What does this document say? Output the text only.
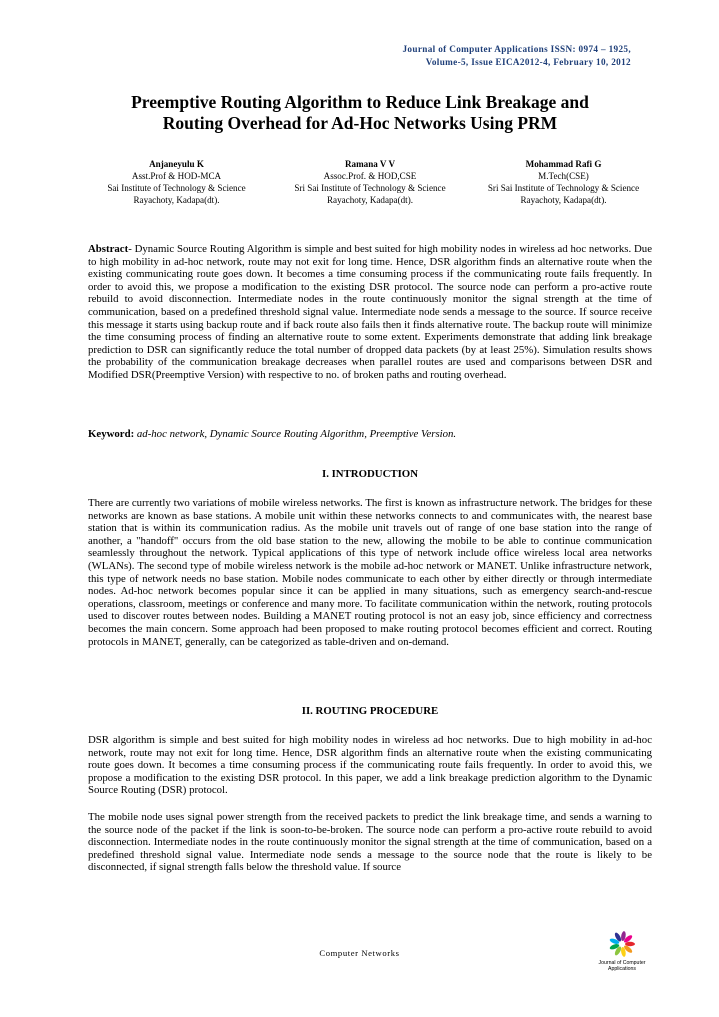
Journal of Computer Applications ISSN: 0974 – 1925,
Volume-5, Issue EICA2012-4, February 10, 2012
Preemptive Routing Algorithm to Reduce Link Breakage and
Routing Overhead for Ad-Hoc Networks Using PRM
Anjaneyulu K
Asst.Prof & HOD-MCA
Sai Institute of Technology & Science
Rayachoty, Kadapa(dt).
Ramana V V
Assoc.Prof. & HOD,CSE
Sri Sai Institute of Technology & Science
Rayachoty, Kadapa(dt).
Mohammad Rafi G
M.Tech(CSE)
Sri Sai Institute of Technology & Science
Rayachoty, Kadapa(dt).

Abstract- Dynamic Source Routing Algorithm is simple and best suited for high mobility nodes in wireless ad hoc networks. Due to high mobility in ad-hoc network, route may not exit for long time. Hence, DSR algorithm finds an alternative route when the existing communicating route goes down. It becomes a time consuming process if the communicating route fails frequently. In order to avoid this, we propose a modification to the existing DSR protocol. The source node can perform a pro-active route rebuild to avoid disconnection. Intermediate nodes in the route continuously monitor the signal strength at the time of communication, based on a predefined threshold signal value. Intermediate node sends a message to the source. If source receive this message it starts using backup route and if back route also fails then it finds alternative route. The backup route will minimize the time consuming process of finding an alternative route to some extent. Experiments demonstrate that adding link breakage prediction to DSR can significantly reduce the total number of dropped data packets (by at least 25%). Simulation results shows the probability of the communication breakage decreases when parallel routes are used and comparisons between DSR and Modified DSR(Preemptive Version) with respective to no. of broken paths and routing overhead.

Keyword: ad-hoc network, Dynamic Source Routing Algorithm, Preemptive Version.

I. INTRODUCTION

There are currently two variations of mobile wireless networks. The first is known as infrastructure network. The bridges for these networks are known as base stations. A mobile unit within these networks connects to and communicates with, the nearest base station that is within its communication radius. As the mobile unit travels out of range of one base station into the range of another, a "handoff" occurs from the old base station to the new, allowing the mobile to be able to continue communication seamlessly throughout the network. Typical applications of this type of network include office wireless local area networks (WLANs). The second type of mobile wireless network is the mobile ad-hoc network or MANET. Unlike infrastructure network, this type of network needs no base station. Mobile nodes communicate to each other by either directly or through intermediate nodes. Ad-hoc network becomes popular since it can be applied in many situations, such as emergency search-and-rescue operations, classroom, meetings or conference and many more. To facilitate communication within the network, routing protocols used to discover routes between nodes. Building a MANET routing protocol is not an easy job, since efficiency and correctness becomes the main concern. Some approach had been proposed to make routing protocol becomes efficient and correct. Routing protocols in MANET, generally, can be categorized as table-driven and on-demand.

II. ROUTING PROCEDURE

DSR algorithm is simple and best suited for high mobility nodes in wireless ad hoc networks. Due to high mobility in ad-hoc network, route may not exit for long time. Hence, DSR algorithm finds an alternative route when the existing communicating route goes down. It becomes a time consuming process if the communicating route fails frequently. In order to avoid this, we propose a modification to the existing DSR protocol. In this paper, we add a link breakage prediction algorithm to the Dynamic Source Routing (DSR) protocol.

The mobile node uses signal power strength from the received packets to predict the link breakage time, and sends a warning to the source node of the packet if the link is soon-to-be-broken. The source node can perform a pro-active route rebuild to avoid disconnection. Intermediate nodes in the route continuously monitor the signal strength at the time of communication, based on a predefined threshold signal value. Intermediate node sends a message to the source node that the route is likely to be disconnected, if signal strength falls below the threshold value. If source

Computer Networks
Journal of Computer
Applications
